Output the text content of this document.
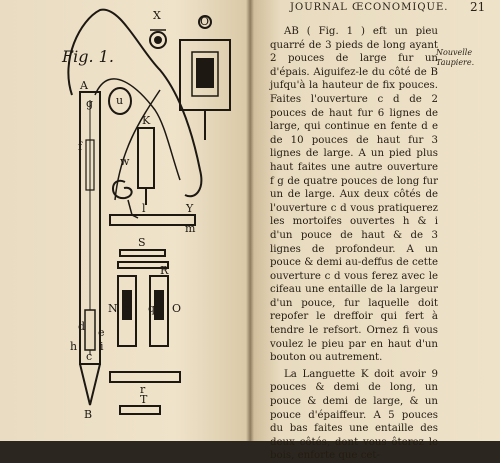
Fig. 1.
X	O
A
g u
f
K
w
Y
l
m
S
R
N q q O
d
h
c
i
e
r
T
B
JOURNAL ŒCONOMIQUE. 21
Nouvelle Taupiere.

AB ( Fig. 1 ) eft un pieu quarré de 3 pieds de long ayant 2 pouces de large fur un d'épais. Aiguifez-le du côté de B jufqu'à la hauteur de fix pouces. Faites l'ouverture c d de 2 pouces de haut fur 6 lignes de large, qui continue en fente d e de 10 pouces de haut fur 3 lignes de large. A un pied plus haut faites une autre ouverture f g de quatre pouces de long fur un de large. Aux deux côtés de l'ouverture c d vous pratiquerez les mortoifes ouvertes h & i d'un pouce de haut & de 3 lignes de profondeur. A un pouce & demi au-deffus de cette ouverture c d vous ferez avec le cifeau une entaille de la largeur d'un pouce, fur laquelle doit repofer le dreffoir qui fert à tendre le refsort. Ornez fi vous voulez le pieu par en haut d'un bouton ou autrement.

La Languette K doit avoir 9 pouces & demi de long, un pouce & demi de large, & un pouce d'épaiffeur. A 5 pouces du bas faites une entaille des deux côtés, dont vous ôterez le bois, enforte que cet-
